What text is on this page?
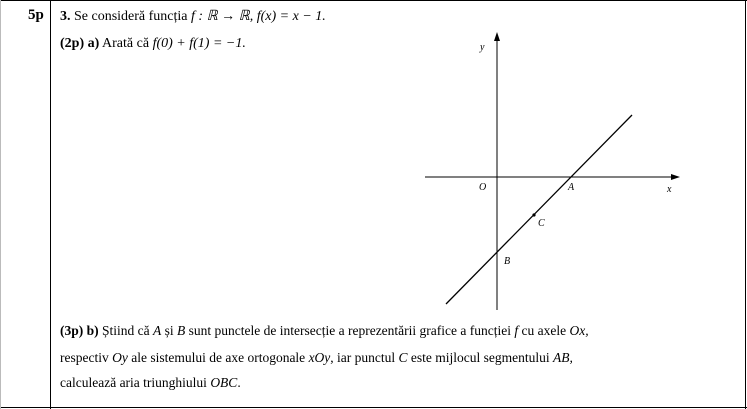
5p 3. Se consideră funcția f : ℝ → ℝ, f(x) = x − 1.
(2p) a) Arată că f(0) + f(1) = −1.	y
x
O	A
B
C
(3p) b) Știind că A și B sunt punctele de intersecție a reprezentării grafice a funcției f cu axele Ox,
respectiv Oy ale sistemului de axe ortogonale xOy, iar punctul C este mijlocul segmentului AB,
calculează aria triunghiului OBC.
